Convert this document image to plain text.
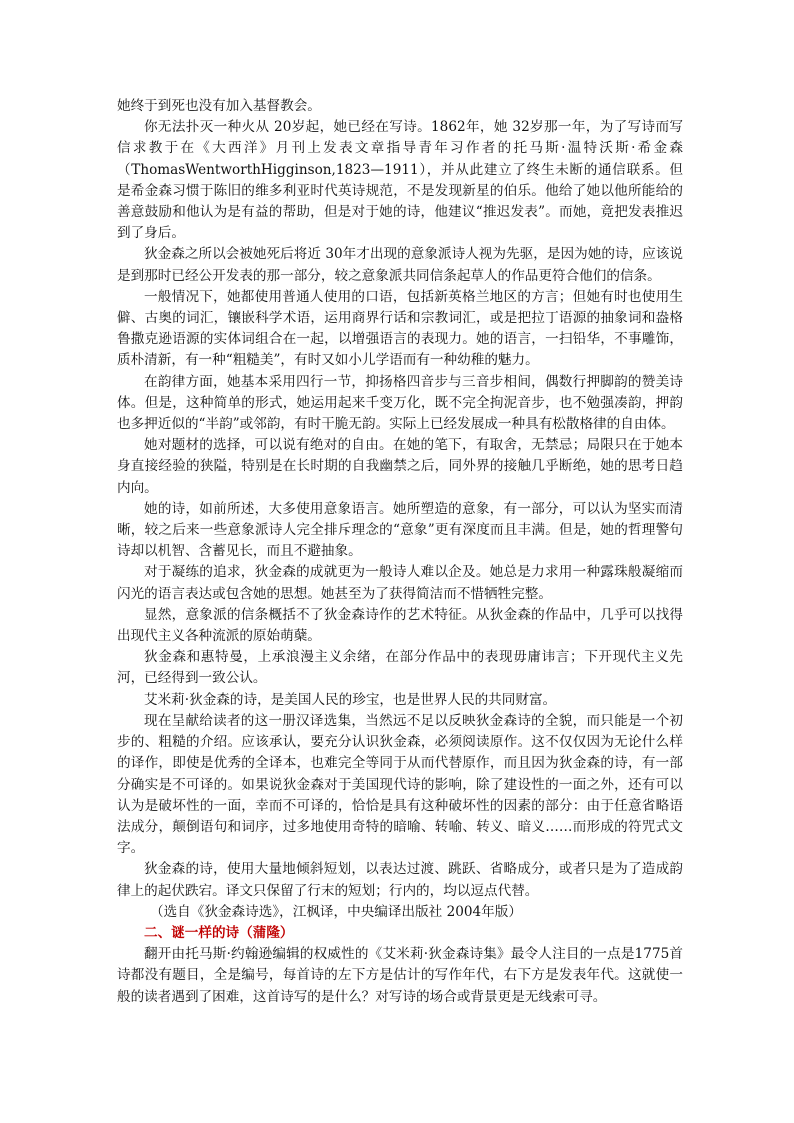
她终于到死也没有加入基督教会。

你无法扑灭一种火从 20岁起，她已经在写诗。1862年，她 32岁那一年，为了写诗而写信求教于在《大西洋》月刊上发表文章指导青年习作者的托马斯·温特沃斯·希金森（ThomasWentworthHigginson,1823—1911），并从此建立了终生未断的通信联系。但是希金森习惯于陈旧的维多利亚时代英诗规范，不是发现新星的伯乐。他给了她以他所能给的善意鼓励和他认为是有益的帮助，但是对于她的诗，他建议“推迟发表”。而她，竟把发表推迟到了身后。

狄金森之所以会被她死后将近 30年才出现的意象派诗人视为先驱，是因为她的诗，应该说是到那时已经公开发表的那一部分，较之意象派共同信条起草人的作品更符合他们的信条。

一般情况下，她都使用普通人使用的口语，包括新英格兰地区的方言；但她有时也使用生僻、古奥的词汇，镶嵌科学术语，运用商界行话和宗教词汇，或是把拉丁语源的抽象词和盎格鲁撒克逊语源的实体词组合在一起，以增强语言的表现力。她的语言，一扫铅华，不事雕饰，质朴清新，有一种“粗糙美”，有时又如小儿学语而有一种幼稚的魅力。

在韵律方面，她基本采用四行一节，抑扬格四音步与三音步相间，偶数行押脚韵的赞美诗体。但是，这种简单的形式，她运用起来千变万化，既不完全拘泥音步，也不勉强凑韵，押韵也多押近似的“半韵”或邻韵，有时干脆无韵。实际上已经发展成一种具有松散格律的自由体。

她对题材的选择，可以说有绝对的自由。在她的笔下，有取舍，无禁忌；局限只在于她本身直接经验的狭隘，特别是在长时期的自我幽禁之后，同外界的接触几乎断绝，她的思考日趋内向。

她的诗，如前所述，大多使用意象语言。她所塑造的意象，有一部分，可以认为坚实而清晰，较之后来一些意象派诗人完全排斥理念的“意象”更有深度而且丰满。但是，她的哲理警句诗却以机智、含蓄见长，而且不避抽象。

对于凝练的追求，狄金森的成就更为一般诗人难以企及。她总是力求用一种露珠般凝缩而闪光的语言表达或包含她的思想。她甚至为了获得简洁而不惜牺牲完整。

显然，意象派的信条概括不了狄金森诗作的艺术特征。从狄金森的作品中，几乎可以找得出现代主义各种流派的原始萌蘖。

狄金森和惠特曼，上承浪漫主义余绪，在部分作品中的表现毋庸讳言；下开现代主义先河，已经得到一致公认。

艾米莉·狄金森的诗，是美国人民的珍宝，也是世界人民的共同财富。

现在呈献给读者的这一册汉译选集，当然远不足以反映狄金森诗的全貌，而只能是一个初步的、粗糙的介绍。应该承认，要充分认识狄金森，必须阅读原作。这不仅仅因为无论什么样的译作，即使是优秀的全译本，也难完全等同于从而代替原作，而且因为狄金森的诗，有一部分确实是不可译的。如果说狄金森对于美国现代诗的影响，除了建设性的一面之外，还有可以认为是破坏性的一面，幸而不可译的，恰恰是具有这种破坏性的因素的部分：由于任意省略语法成分，颠倒语句和词序，过多地使用奇特的暗喻、转喻、转义、暗义……而形成的符咒式文字。

狄金森的诗，使用大量地倾斜短划，以表达过渡、跳跃、省略成分，或者只是为了造成韵律上的起伏跌宕。译文只保留了行末的短划；行内的，均以逗点代替。

（选自《狄金森诗选》，江枫译，中央编译出版社 2004年版）

二、谜一样的诗（蒲隆）

翻开由托马斯·约翰逊编辑的权威性的《艾米莉·狄金森诗集》最令人注目的一点是1775首诗都没有题目，全是编号，每首诗的左下方是估计的写作年代，右下方是发表年代。这就使一般的读者遇到了困难，这首诗写的是什么？对写诗的场合或背景更是无线索可寻。
